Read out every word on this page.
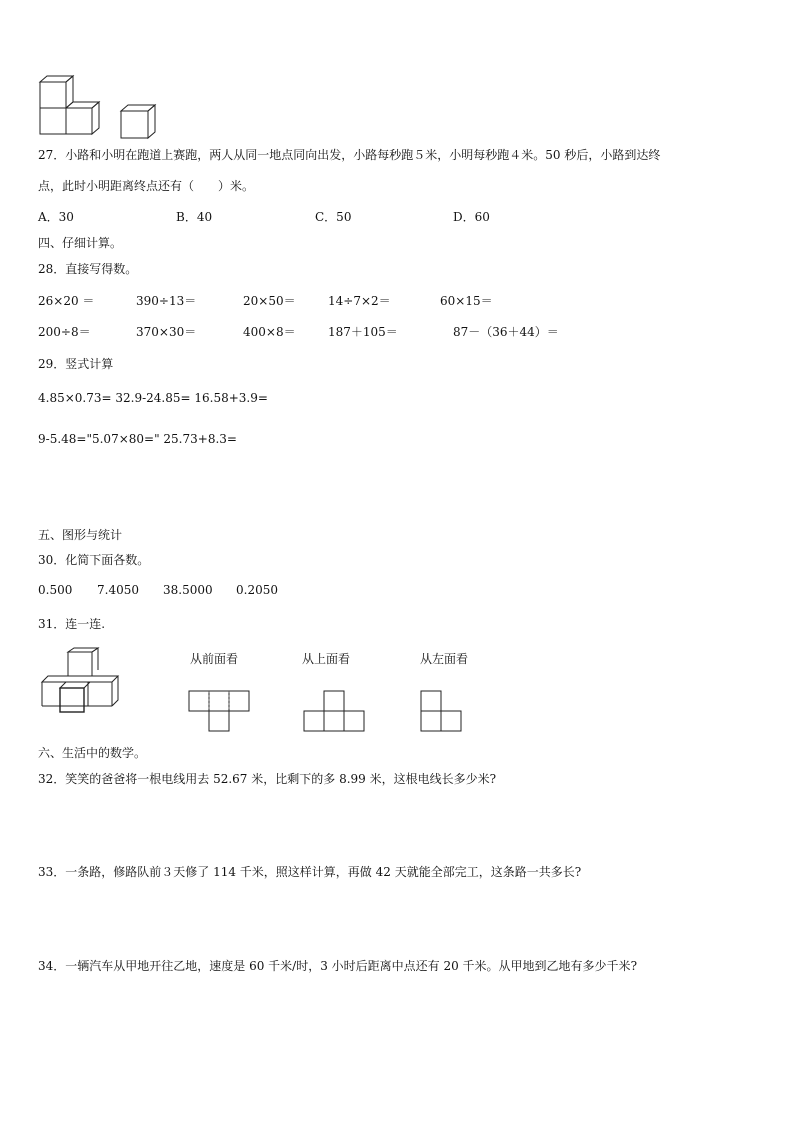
27．小路和小明在跑道上赛跑，两人从同一地点同向出发，小路每秒跑５米，小明每秒跑４米。50 秒后，小路到达终
点，此时小明距离终点还有（　　）米。
A．30	B．40	C．50	D．60
四、仔细计算。
28．直接写得数。
26×20 ＝	390÷13＝	20×50＝	14÷7×2＝	60×15＝
200÷8＝	370×30＝	400×8＝	187＋105＝	87－（36＋44）＝
29．竖式计算
4.85×0.73= 32.9-24.85= 16.58+3.9=
9-5.48="5.07×80=" 25.73+8.3=
五、图形与统计
30．化简下面各数。
0.500 7.4050 38.5000 0.2050
31．连一连.
从前面看	从上面看	从左面看
六、生活中的数学。
32．笑笑的爸爸将一根电线用去 52.67 米，比剩下的多 8.99 米，这根电线长多少米?
33．一条路，修路队前３天修了 114 千米，照这样计算，再做 42 天就能全部完工，这条路一共多长?
34．一辆汽车从甲地开往乙地，速度是 60 千米/时，3 小时后距离中点还有 20 千米。从甲地到乙地有多少千米?
